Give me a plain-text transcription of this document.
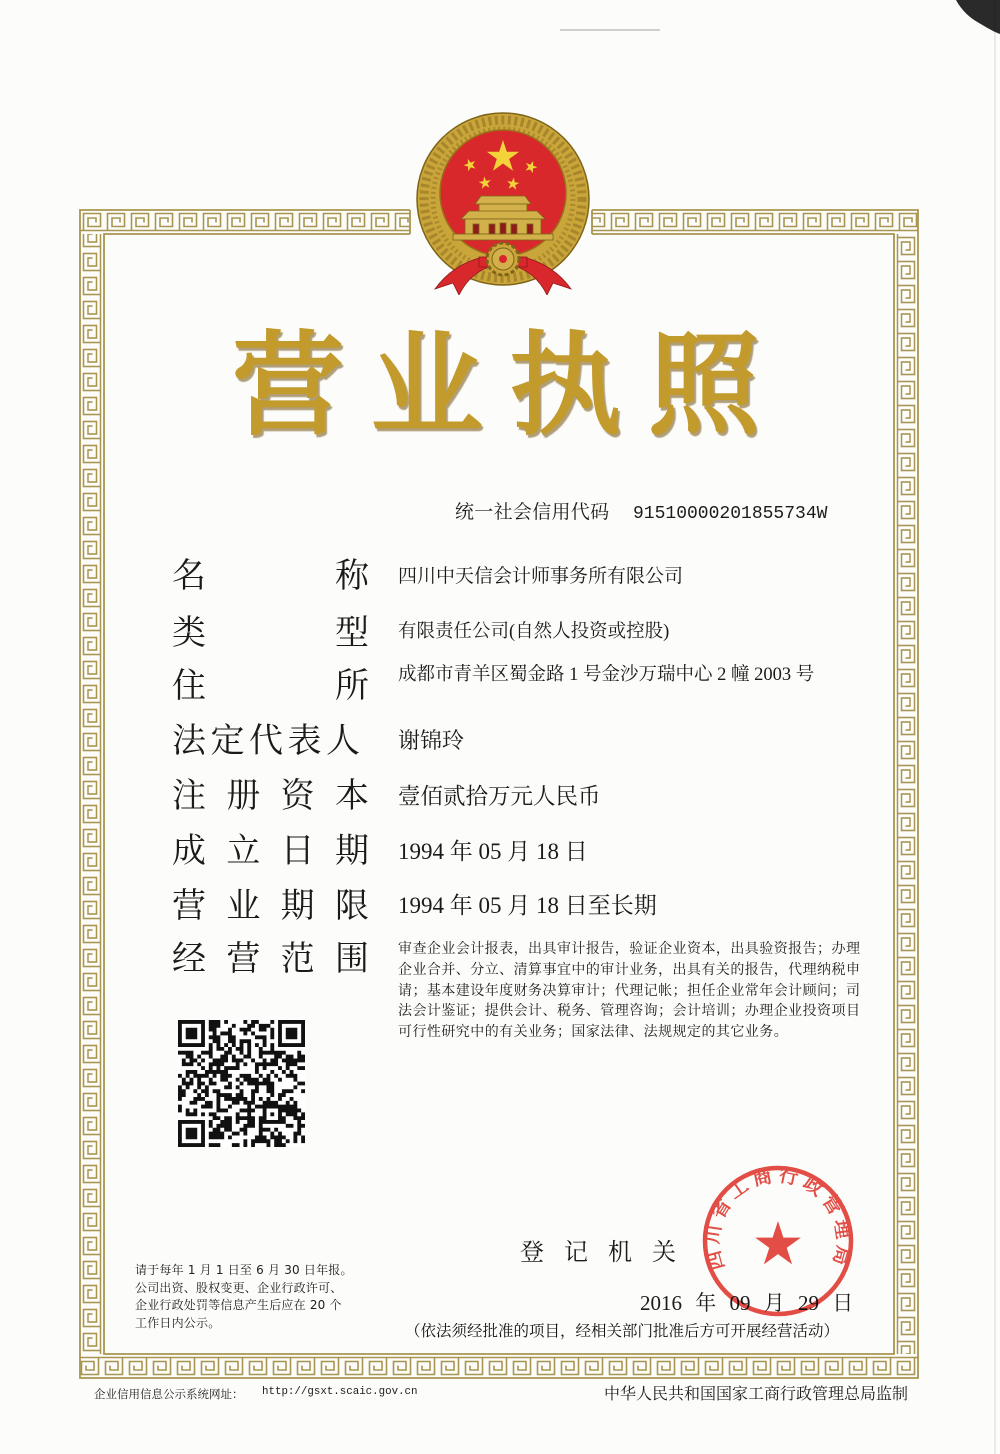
营 业 执 照
统一社会信用代码 91510000201855734W
名	称 四川中天信会计师事务所有限公司
类	型 有限责任公司(自然人投资或控股)
住	所 成都市青羊区蜀金路 1 号金沙万瑞中心 2 幢 2003 号
法 定 代 表 人 谢锦玲
注 册 资 本 壹佰贰拾万元人民币
成 立 日 期 1994 年 05 月 18 日
营 业 期 限 1994 年 05 月 18 日至长期
经 营 范 围 审查企业会计报表，出具审计报告，验证企业资本，出具验资报告；办理
企业合并、分立、清算事宜中的审计业务，出具有关的报告，代理纳税申
请；基本建设年度财务决算审计；代理记帐；担任企业常年会计顾问；司
法会计鉴证；提供会计、税务、管理咨询；会计培训；办理企业投资项目
可行性研究中的有关业务；国家法律、法规规定的其它业务。
请于每年 1 月 1 日至 6 月 30 日年报。
公司出资、股权变更、企业行政许可、
企业行政处罚等信息产生后应在 20 个
工作日内公示。
登 记 机 关
2016 年 09 月 29 日
四川省工商行政管理局
（依法须经批准的项目，经相关部门批准后方可开展经营活动）
企业信用信息公示系统网址： http://gsxt.scaic.gov.cn	中华人民共和国国家工商行政管理总局监制
